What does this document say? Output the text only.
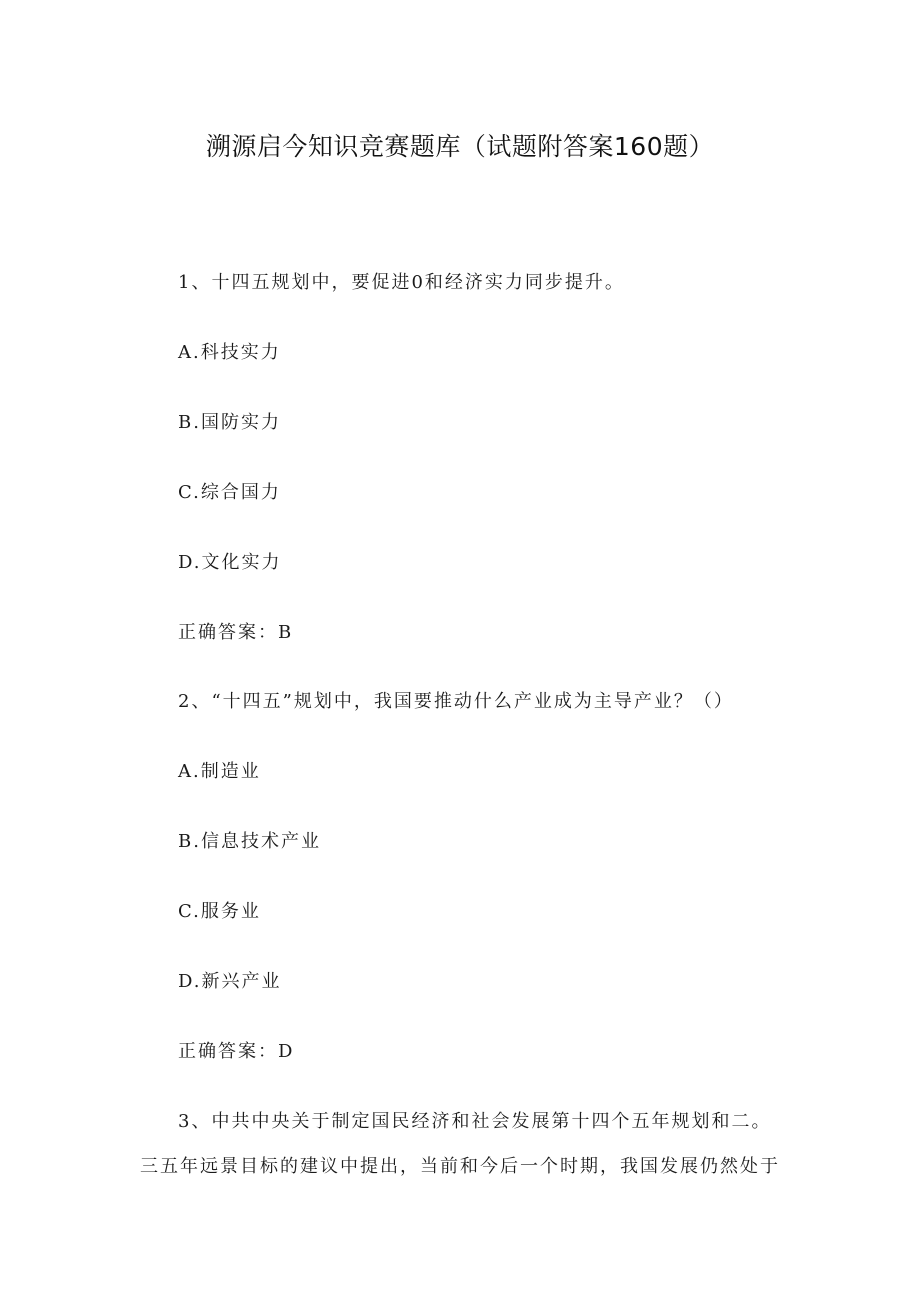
溯源启今知识竞赛题库（试题附答案160题）

1、十四五规划中，要促进0和经济实力同步提升。

A.科技实力

B.国防实力

C.综合国力

D.文化实力

正确答案：B

2、“十四五”规划中，我国要推动什么产业成为主导产业？（）

A.制造业

B.信息技术产业

C.服务业

D.新兴产业

正确答案：D

3、中共中央关于制定国民经济和社会发展第十四个五年规划和二。三五年远景目标的建议中提出，当前和今后一个时期，我国发展仍然处于
